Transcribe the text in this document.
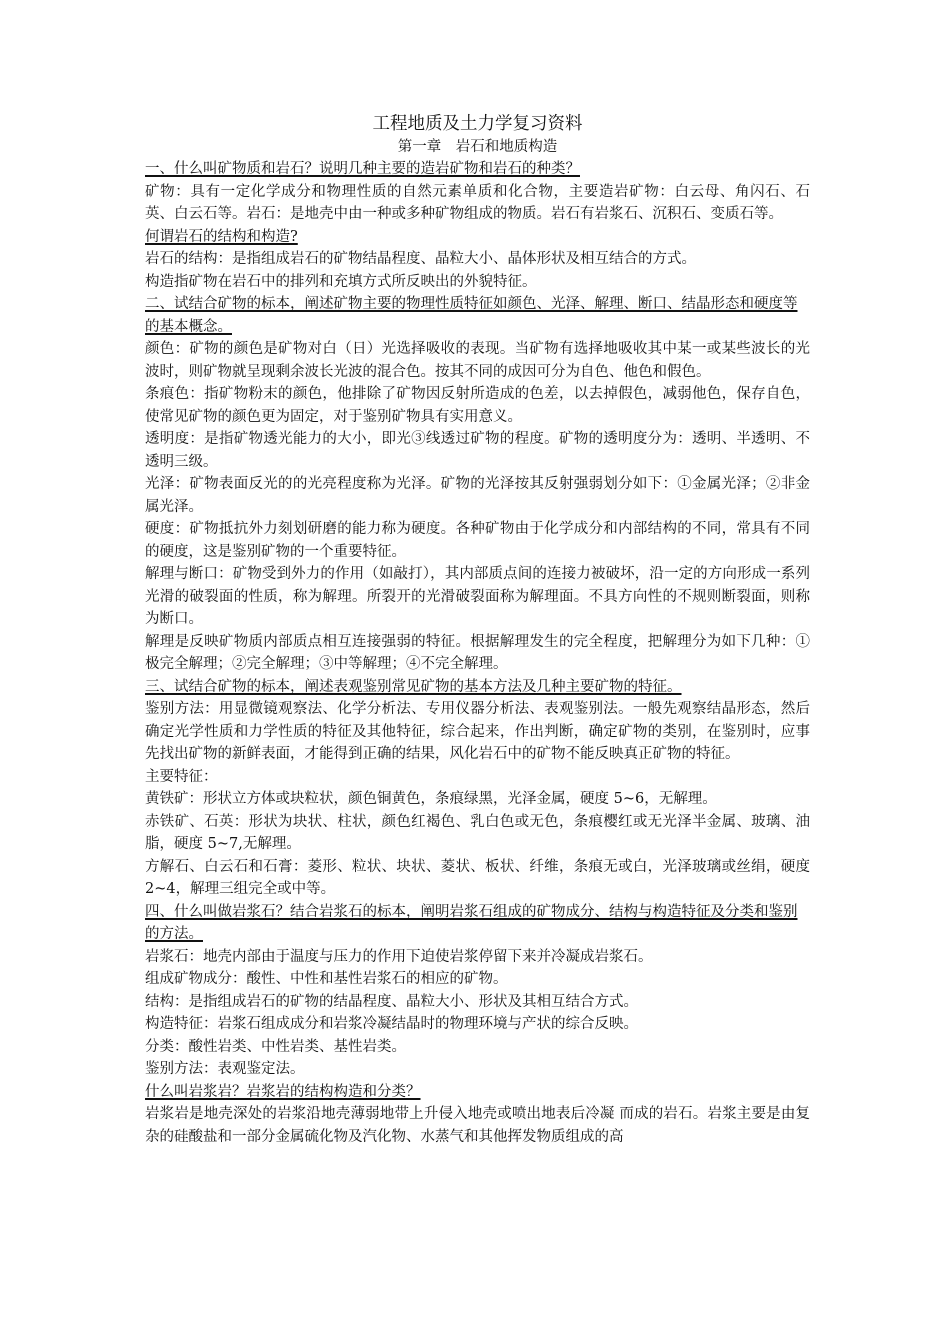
工程地质及土力学复习资料

第一章　岩石和地质构造

一、什么叫矿物质和岩石？说明几种主要的造岩矿物和岩石的种类？

矿物：具有一定化学成分和物理性质的自然元素单质和化合物，主要造岩矿物：白云母、角闪石、石英、白云石等。岩石：是地壳中由一种或多种矿物组成的物质。岩石有岩浆石、沉积石、变质石等。

何谓岩石的结构和构造?

岩石的结构：是指组成岩石的矿物结晶程度、晶粒大小、晶体形状及相互结合的方式。

构造指矿物在岩石中的排列和充填方式所反映出的外貌特征。

二、试结合矿物的标本，阐述矿物主要的物理性质特征如颜色、光泽、解理、断口、结晶形态和硬度等的基本概念。

颜色：矿物的颜色是矿物对白（日）光选择吸收的表现。当矿物有选择地吸收其中某一或某些波长的光波时，则矿物就呈现剩余波长光波的混合色。按其不同的成因可分为自色、他色和假色。

条痕色：指矿物粉末的颜色，他排除了矿物因反射所造成的色差，以去掉假色，减弱他色，保存自色，使常见矿物的颜色更为固定，对于鉴别矿物具有实用意义。

透明度：是指矿物透光能力的大小，即光③线透过矿物的程度。矿物的透明度分为：透明、半透明、不透明三级。

光泽：矿物表面反光的的光亮程度称为光泽。矿物的光泽按其反射强弱划分如下：①金属光泽；②非金属光泽。

硬度：矿物抵抗外力刻划研磨的能力称为硬度。各种矿物由于化学成分和内部结构的不同，常具有不同的硬度，这是鉴别矿物的一个重要特征。

解理与断口：矿物受到外力的作用（如敲打），其内部质点间的连接力被破坏，沿一定的方向形成一系列光滑的破裂面的性质，称为解理。所裂开的光滑破裂面称为解理面。不具方向性的不规则断裂面，则称为断口。

解理是反映矿物质内部质点相互连接强弱的特征。根据解理发生的完全程度，把解理分为如下几种：①极完全解理；②完全解理；③中等解理；④不完全解理。

三、试结合矿物的标本，阐述表观鉴别常见矿物的基本方法及几种主要矿物的特征。

鉴别方法：用显微镜观察法、化学分析法、专用仪器分析法、表观鉴别法。一般先观察结晶形态，然后确定光学性质和力学性质的特征及其他特征，综合起来，作出判断，确定矿物的类别，在鉴别时，应事先找出矿物的新鲜表面，才能得到正确的结果，风化岩石中的矿物不能反映真正矿物的特征。

主要特征：

黄铁矿：形状立方体或块粒状，颜色铜黄色，条痕绿黑，光泽金属，硬度 5~6，无解理。

赤铁矿、石英：形状为块状、柱状，颜色红褐色、乳白色或无色，条痕樱红或无光泽半金属、玻璃、油脂，硬度 5~7,无解理。

方解石、白云石和石膏：菱形、粒状、块状、菱状、板状、纤维，条痕无或白，光泽玻璃或丝绢，硬度 2~4，解理三组完全或中等。

四、什么叫做岩浆石？结合岩浆石的标本，阐明岩浆石组成的矿物成分、结构与构造特征及分类和鉴别的方法。

岩浆石：地壳内部由于温度与压力的作用下迫使岩浆停留下来并冷凝成岩浆石。

组成矿物成分：酸性、中性和基性岩浆石的相应的矿物。

结构：是指组成岩石的矿物的结晶程度、晶粒大小、形状及其相互结合方式。

构造特征：岩浆石组成成分和岩浆冷凝结晶时的物理环境与产状的综合反映。

分类：酸性岩类、中性岩类、基性岩类。

鉴别方法：表观鉴定法。

什么叫岩浆岩？岩浆岩的结构构造和分类？

岩浆岩是地壳深处的岩浆沿地壳薄弱地带上升侵入地壳或喷出地表后冷凝 而成的岩石。岩浆主要是由复杂的硅酸盐和一部分金属硫化物及汽化物、水蒸气和其他挥发物质组成的高
